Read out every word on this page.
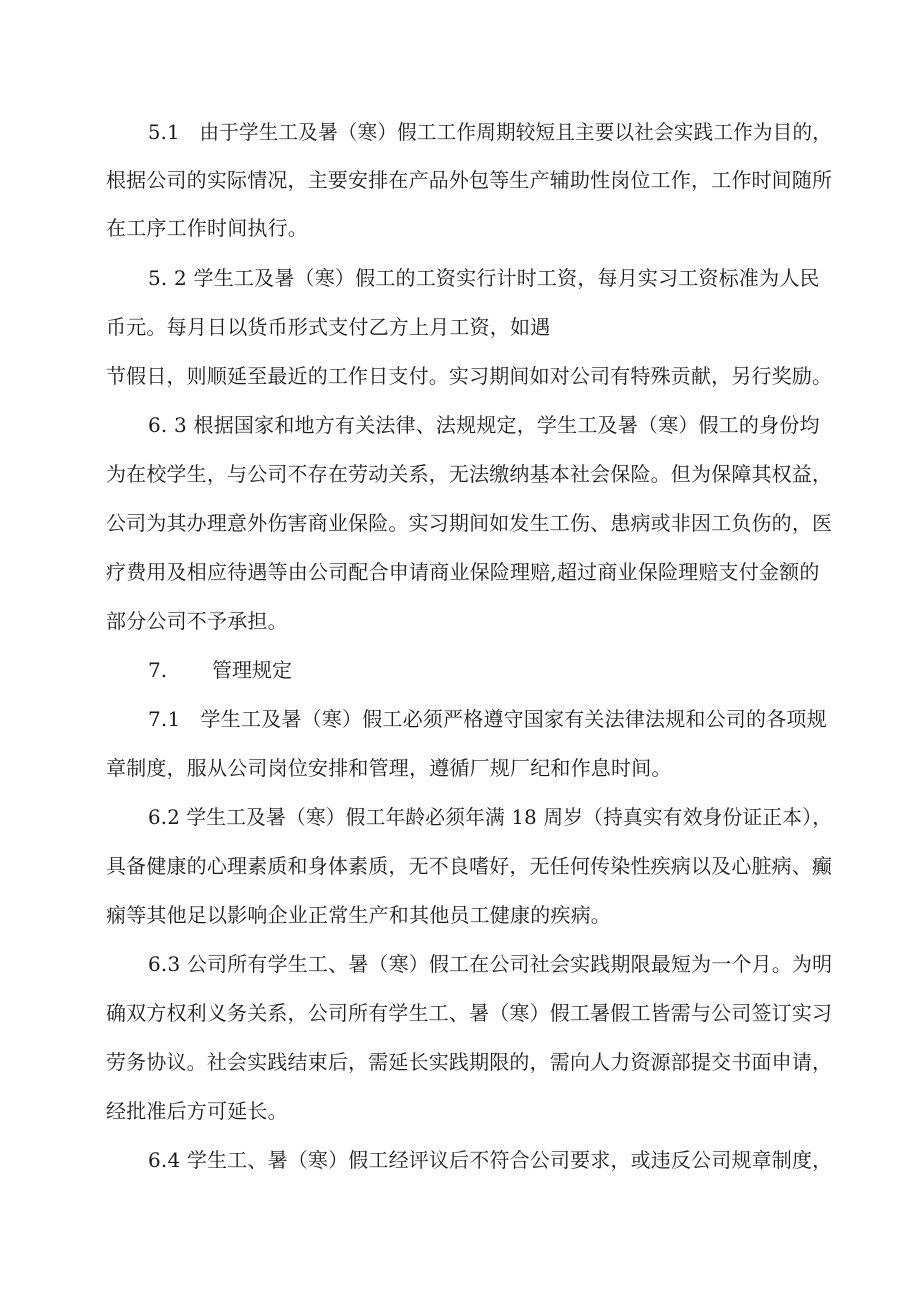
5.1　由于学生工及暑（寒）假工工作周期较短且主要以社会实践工作为目的，
根据公司的实际情况，主要安排在产品外包等生产辅助性岗位工作，工作时间随所
在工序工作时间执行。
5. 2 学生工及暑（寒）假工的工资实行计时工资，每月实习工资标准为人民
币元。每月日以货币形式支付乙方上月工资，如遇
节假日，则顺延至最近的工作日支付。实习期间如对公司有特殊贡献，另行奖励。
6. 3 根据国家和地方有关法律、法规规定，学生工及暑（寒）假工的身份均
为在校学生，与公司不存在劳动关系，无法缴纳基本社会保险。但为保障其权益，
公司为其办理意外伤害商业保险。实习期间如发生工伤、患病或非因工负伤的，医
疗费用及相应待遇等由公司配合申请商业保险理赔,超过商业保险理赔支付金额的
部分公司不予承担。
7. 管理规定
7.1　学生工及暑（寒）假工必须严格遵守国家有关法律法规和公司的各项规
章制度，服从公司岗位安排和管理，遵循厂规厂纪和作息时间。
6.2 学生工及暑（寒）假工年龄必须年满 18 周岁（持真实有效身份证正本），
具备健康的心理素质和身体素质，无不良嗜好，无任何传染性疾病以及心脏病、癫
痫等其他足以影响企业正常生产和其他员工健康的疾病。
6.3 公司所有学生工、暑（寒）假工在公司社会实践期限最短为一个月。为明
确双方权利义务关系，公司所有学生工、暑（寒）假工暑假工皆需与公司签订实习
劳务协议。社会实践结束后，需延长实践期限的，需向人力资源部提交书面申请，
经批准后方可延长。
6.4 学生工、暑（寒）假工经评议后不符合公司要求，或违反公司规章制度，
